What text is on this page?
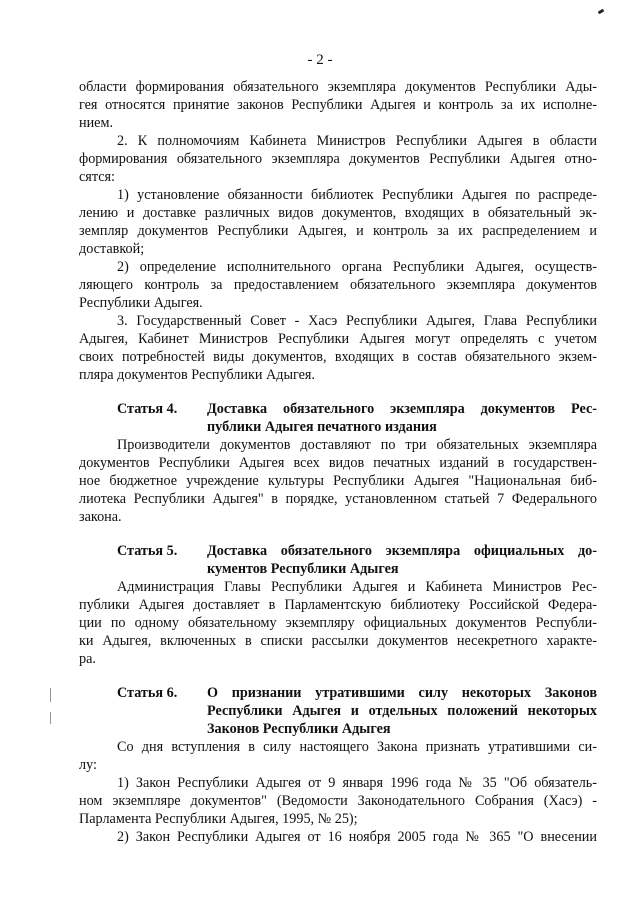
- 2 -
области формирования обязательного экземпляра документов Республики Ады-
гея относятся принятие законов Республики Адыгея и контроль за их исполне-
нием.
2. К полномочиям Кабинета Министров Республики Адыгея в области
формирования обязательного экземпляра документов Республики Адыгея отно-
сятся:
1) установление обязанности библиотек Республики Адыгея по распреде-
лению и доставке различных видов документов, входящих в обязательный эк-
земпляр документов Республики Адыгея, и контроль за их распределением и
доставкой;
2) определение исполнительного органа Республики Адыгея, осуществ-
ляющего контроль за предоставлением обязательного экземпляра документов
Республики Адыгея.
3. Государственный Совет - Хасэ Республики Адыгея, Глава Республики
Адыгея, Кабинет Министров Республики Адыгея могут определять с учетом
своих потребностей виды документов, входящих в состав обязательного экзем-
пляра документов Республики Адыгея.
Статья 4.	Доставка обязательного экземпляра документов Рес-
публики Адыгея печатного издания
Производители документов доставляют по три обязательных экземпляра
документов Республики Адыгея всех видов печатных изданий в государствен-
ное бюджетное учреждение культуры Республики Адыгея "Национальная биб-
лиотека Республики Адыгея" в порядке, установленном статьей 7 Федерального
закона.
Статья 5.	Доставка обязательного экземпляра официальных до-
кументов Республики Адыгея
Администрация Главы Республики Адыгея и Кабинета Министров Рес-
публики Адыгея доставляет в Парламентскую библиотеку Российской Федера-
ции по одному обязательному экземпляру официальных документов Республи-
ки Адыгея, включенных в списки рассылки документов несекретного характе-
ра.
Статья 6.	О признании утратившими силу некоторых Законов
Республики Адыгея и отдельных положений некоторых
Законов Республики Адыгея
Со дня вступления в силу настоящего Закона признать утратившими си-
лу:
1) Закон Республики Адыгея от 9 января 1996 года № 35 "Об обязатель-
ном экземпляре документов" (Ведомости Законодательного Собрания (Хасэ) -
Парламента Республики Адыгея, 1995, № 25);
2) Закон Республики Адыгея от 16 ноября 2005 года № 365 "О внесении
